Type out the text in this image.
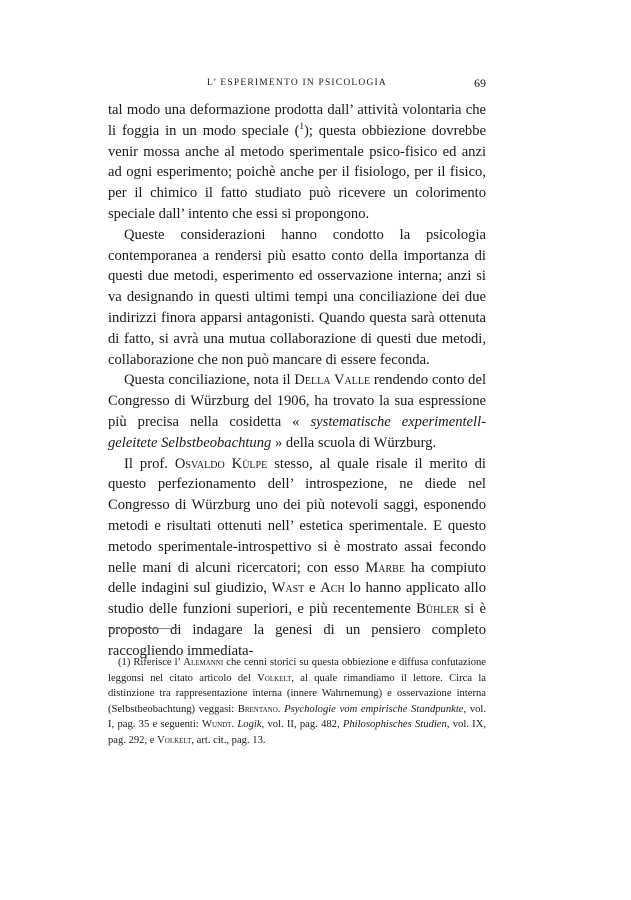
L’ ESPERIMENTO IN PSICOLOGIA	69

tal modo una deformazione prodotta dall’ attività volontaria che li foggia in un modo speciale ($^1$); questa obbiezione dovrebbe venir mossa anche al metodo sperimentale psico-fisico ed anzi ad ogni esperimento; poichè anche per il fisiologo, per il fisico, per il chimico il fatto studiato può ricevere un colorimento speciale dall’ intento che essi si propongono.

Queste considerazioni hanno condotto la psicologia contemporanea a rendersi più esatto conto della importanza di questi due metodi, esperimento ed osservazione interna; anzi si va designando in questi ultimi tempi una conciliazione dei due indirizzi finora apparsi antagonisti. Quando questa sarà ottenuta di fatto, si avrà una mutua collaborazione di questi due metodi, collaborazione che non può mancare di essere feconda.

Questa conciliazione, nota il Della Valle rendendo conto del Congresso di Würzburg del 1906, ha trovato la sua espressione più precisa nella cosidetta « systematische experimentell-geleitete Selbstbeobachtung » della scuola di Würzburg.

Il prof. Osvaldo Külpe stesso, al quale risale il merito di questo perfezionamento dell’ introspezione, ne diede nel Congresso di Würzburg uno dei più notevoli saggi, esponendo metodi e risultati ottenuti nell’ estetica sperimentale. E questo metodo sperimentale-introspettivo si è mostrato assai fecondo nelle mani di alcuni ricercatori; con esso Marbe ha compiuto delle indagini sul giudizio, Wast e Ach lo hanno applicato allo studio delle funzioni superiori, e più recentemente Bühler si è proposto di indagare la genesi di un pensiero completo raccogliendo immediata-

(1) Riferisce l’ Alemanni che cenni storici su questa obbiezione e diffusa confutazione leggonsi nel citato articolo del Volkelt, al quale rimandiamo il lettore. Circa la distinzione tra rappresentazione interna (innere Wahrnemung) e osservazione interna (Selbstbeobachtung) veggasi: Brentano. Psychologie vom empirische Standpunkte, vol. I, pag. 35 e seguenti: Wundt. Logik, vol. II, pag. 482, Philosophisches Studien, vol. IX, pag. 292, e Volkelt, art. cit., pag. 13.
